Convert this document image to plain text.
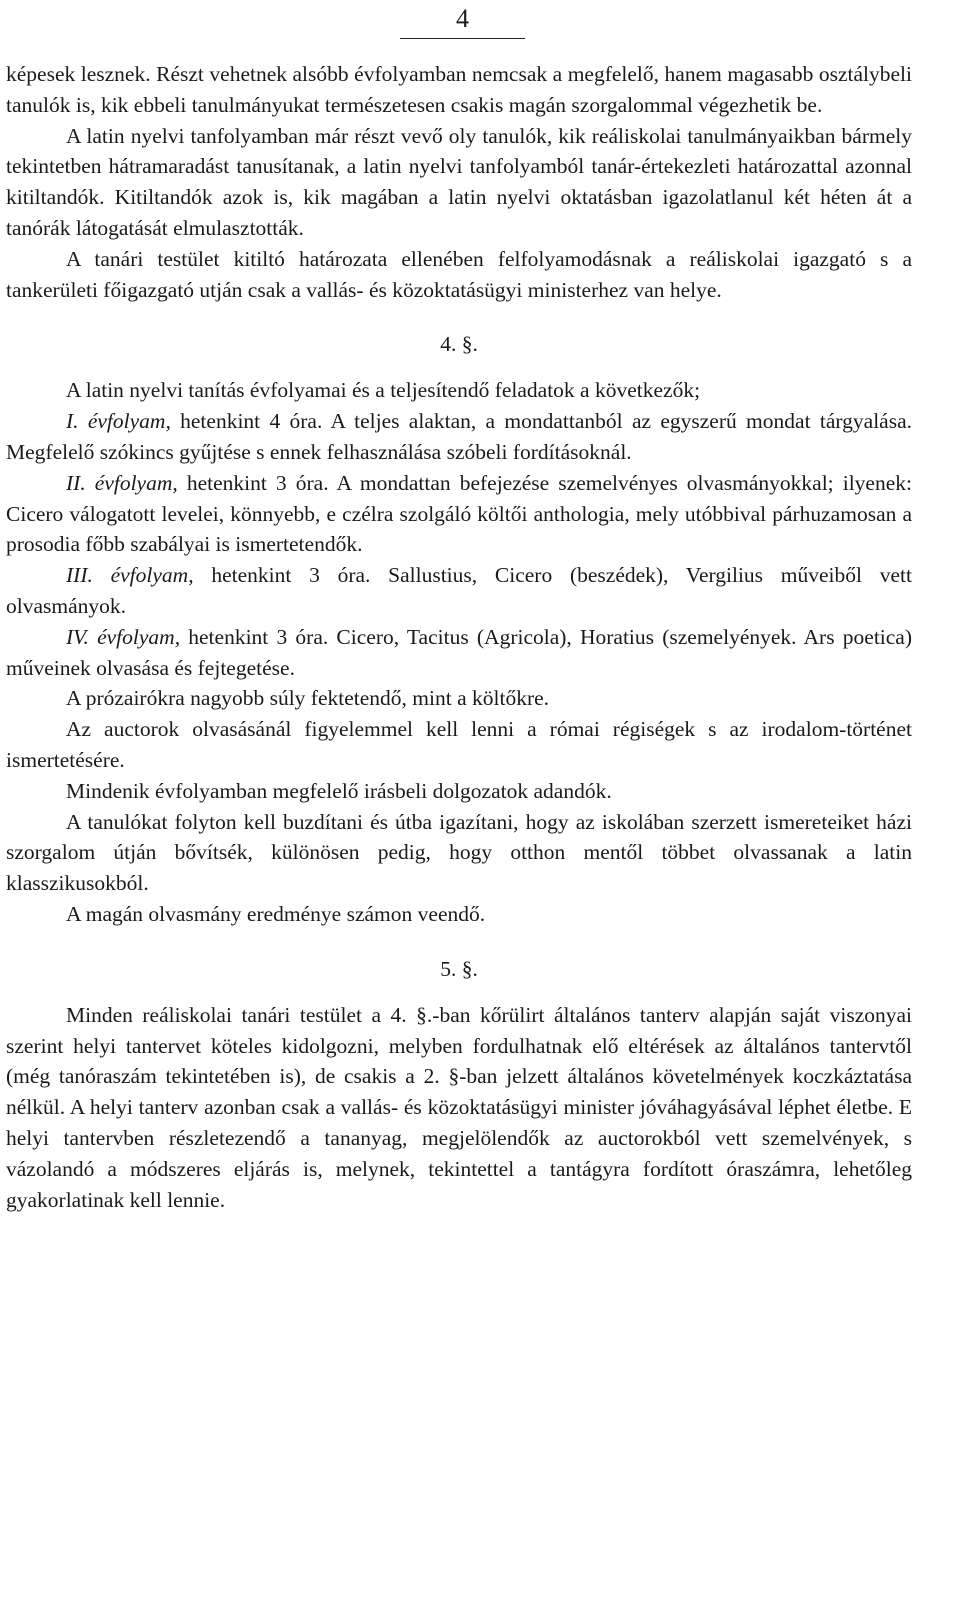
4

képesek lesznek. Részt vehetnek alsóbb évfolyamban nemcsak a megfelelő, hanem magasabb osztálybeli tanulók is, kik ebbeli tanulmányukat természetesen csakis magán szorgalommal végezhetik be.

A latin nyelvi tanfolyamban már részt vevő oly tanulók, kik reáliskolai tanulmányaikban bármely tekintetben hátramaradást tanusítanak, a latin nyelvi tanfolyamból tanár-értekezleti határozattal azonnal kitiltandók. Kitiltandók azok is, kik magában a latin nyelvi oktatásban igazolatlanul két héten át a tanórák látogatását elmulasztották.

A tanári testület kitiltó határozata ellenében felfolyamodásnak a reáliskolai igazgató s a tankerületi főigazgató utján csak a vallás- és közoktatásügyi ministerhez van helye.

4. §.

A latin nyelvi tanítás évfolyamai és a teljesítendő feladatok a következők;

I. évfolyam, hetenkint 4 óra. A teljes alaktan, a mondattanból az egyszerű mondat tárgyalása. Megfelelő szókincs gyűjtése s ennek felhasználása szóbeli fordításoknál.

II. évfolyam, hetenkint 3 óra. A mondattan befejezése szemelvényes olvasmányokkal; ilyenek: Cicero válogatott levelei, könnyebb, e czélra szolgáló költői anthologia, mely utóbbival párhuzamosan a prosodia főbb szabályai is ismertetendők.

III. évfolyam, hetenkint 3 óra. Sallustius, Cicero (beszédek), Vergilius műveiből vett olvasmányok.

IV. évfolyam, hetenkint 3 óra. Cicero, Tacitus (Agricola), Horatius (szemelyények. Ars poetica) műveinek olvasása és fejtegetése.

A prózairókra nagyobb súly fektetendő, mint a költőkre.

Az auctorok olvasásánál figyelemmel kell lenni a római régiségek s az irodalom-történet ismertetésére.

Mindenik évfolyamban megfelelő irásbeli dolgozatok adandók.

A tanulókat folyton kell buzdítani és útba igazítani, hogy az iskolában szerzett ismereteiket házi szorgalom útján bővítsék, különösen pedig, hogy otthon mentől többet olvassanak a latin klasszikusokból.

A magán olvasmány eredménye számon veendő.

5. §.

Minden reáliskolai tanári testület a 4. §.-ban kőrülirt általános tanterv alapján saját viszonyai szerint helyi tantervet köteles kidolgozni, melyben fordulhatnak elő eltérések az általános tantervtől (még tanóraszám tekintetében is), de csakis a 2. §-ban jelzett általános követelmények koczkáztatása nélkül. A helyi tanterv azonban csak a vallás- és közoktatásügyi minister jóváhagyásával léphet életbe. E helyi tantervben részletezendő a tananyag, megjelölendők az auctorokból vett szemelvények, s vázolandó a módszeres eljárás is, melynek, tekintettel a tantágyra fordított óraszámra, lehetőleg gyakorlatinak kell lennie.
